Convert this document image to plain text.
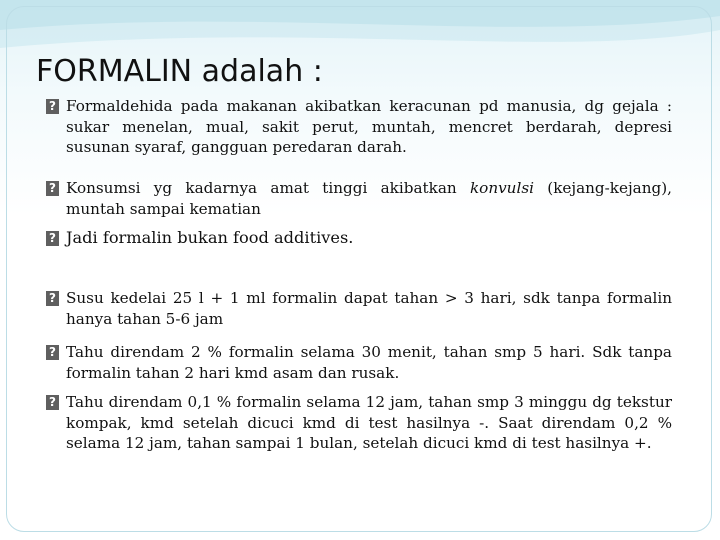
FORMALIN adalah :
?
Formaldehida pada makanan akibatkan keracunan pd manusia, dg gejala : sukar menelan, mual, sakit perut, muntah, mencret berdarah, depresi susunan syaraf, gangguan peredaran darah.
?
Konsumsi yg kadarnya amat tinggi akibatkan konvulsi (kejang-kejang), muntah sampai kematian
?
Jadi formalin bukan food additives.
?
Susu kedelai 25 l + 1 ml formalin dapat tahan > 3 hari, sdk tanpa formalin hanya tahan 5-6 jam
?
Tahu direndam 2 % formalin selama 30 menit, tahan smp 5 hari. Sdk tanpa formalin tahan 2 hari kmd asam dan rusak.
?
Tahu direndam 0,1 % formalin selama 12 jam, tahan smp 3 minggu dg tekstur kompak, kmd setelah dicuci kmd di test hasilnya -. Saat direndam 0,2 % selama 12 jam, tahan sampai 1 bulan, setelah dicuci kmd di test hasilnya +.
